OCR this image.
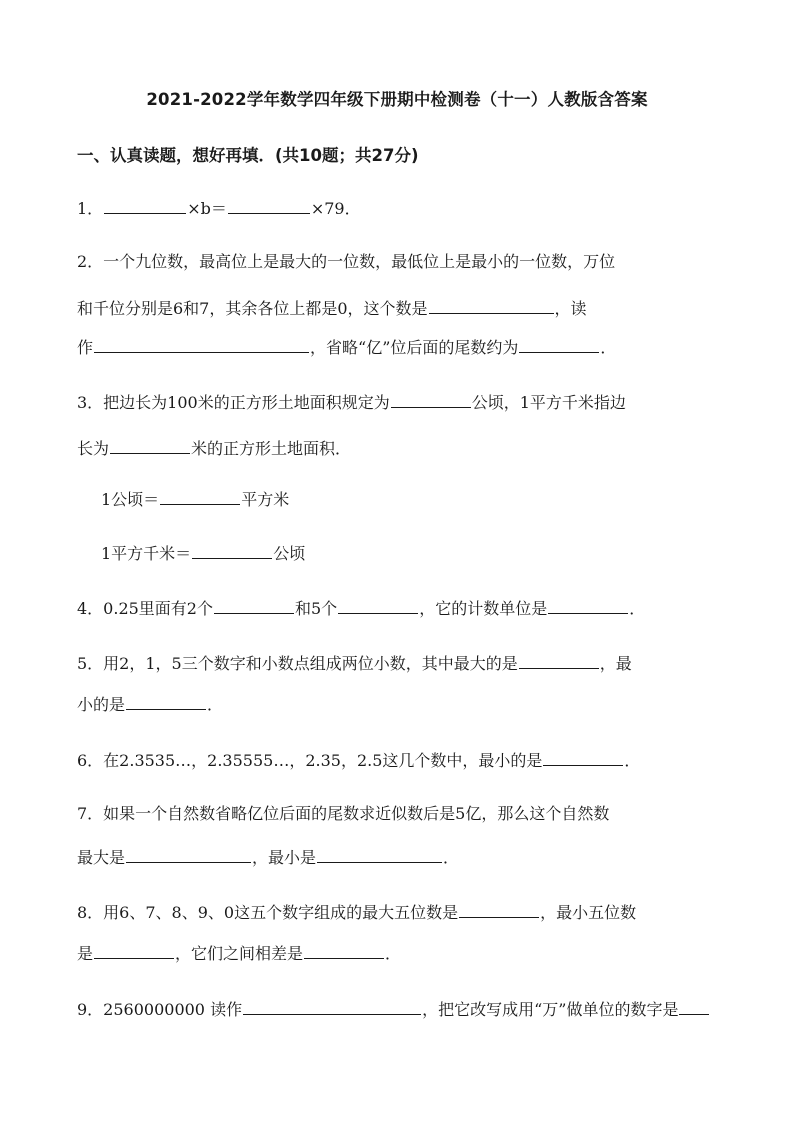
2021-2022学年数学四年级下册期中检测卷（十一）人教版含答案
一、认真读题，想好再填．(共10题；共27分)
1．	×b＝	×79．
2．一个九位数，最高位上是最大的一位数，最低位上是最小的一位数，万位
和千位分别是6和7，其余各位上都是0，这个数是	，读
作	，省略“亿”位后面的尾数约为	．
3．把边长为100米的正方形土地面积规定为	公顷，1平方千米指边
长为	米的正方形土地面积．
1公顷＝	平方米
1平方千米＝	公顷
4．0.25里面有2个	和5个	，它的计数单位是	．
5．用2，1，5三个数字和小数点组成两位小数，其中最大的是	，最
小的是	．
6．在2.3535…，2.35555…，2.35，2.5这几个数中，最小的是	．
7．如果一个自然数省略亿位后面的尾数求近似数后是5亿，那么这个自然数
最大是	，最小是	．
8．用6、7、8、9、0这五个数字组成的最大五位数是	，最小五位数
是	，它们之间相差是	．
9．2560000000 读作	，把它改写成用“万”做单位的数字是
